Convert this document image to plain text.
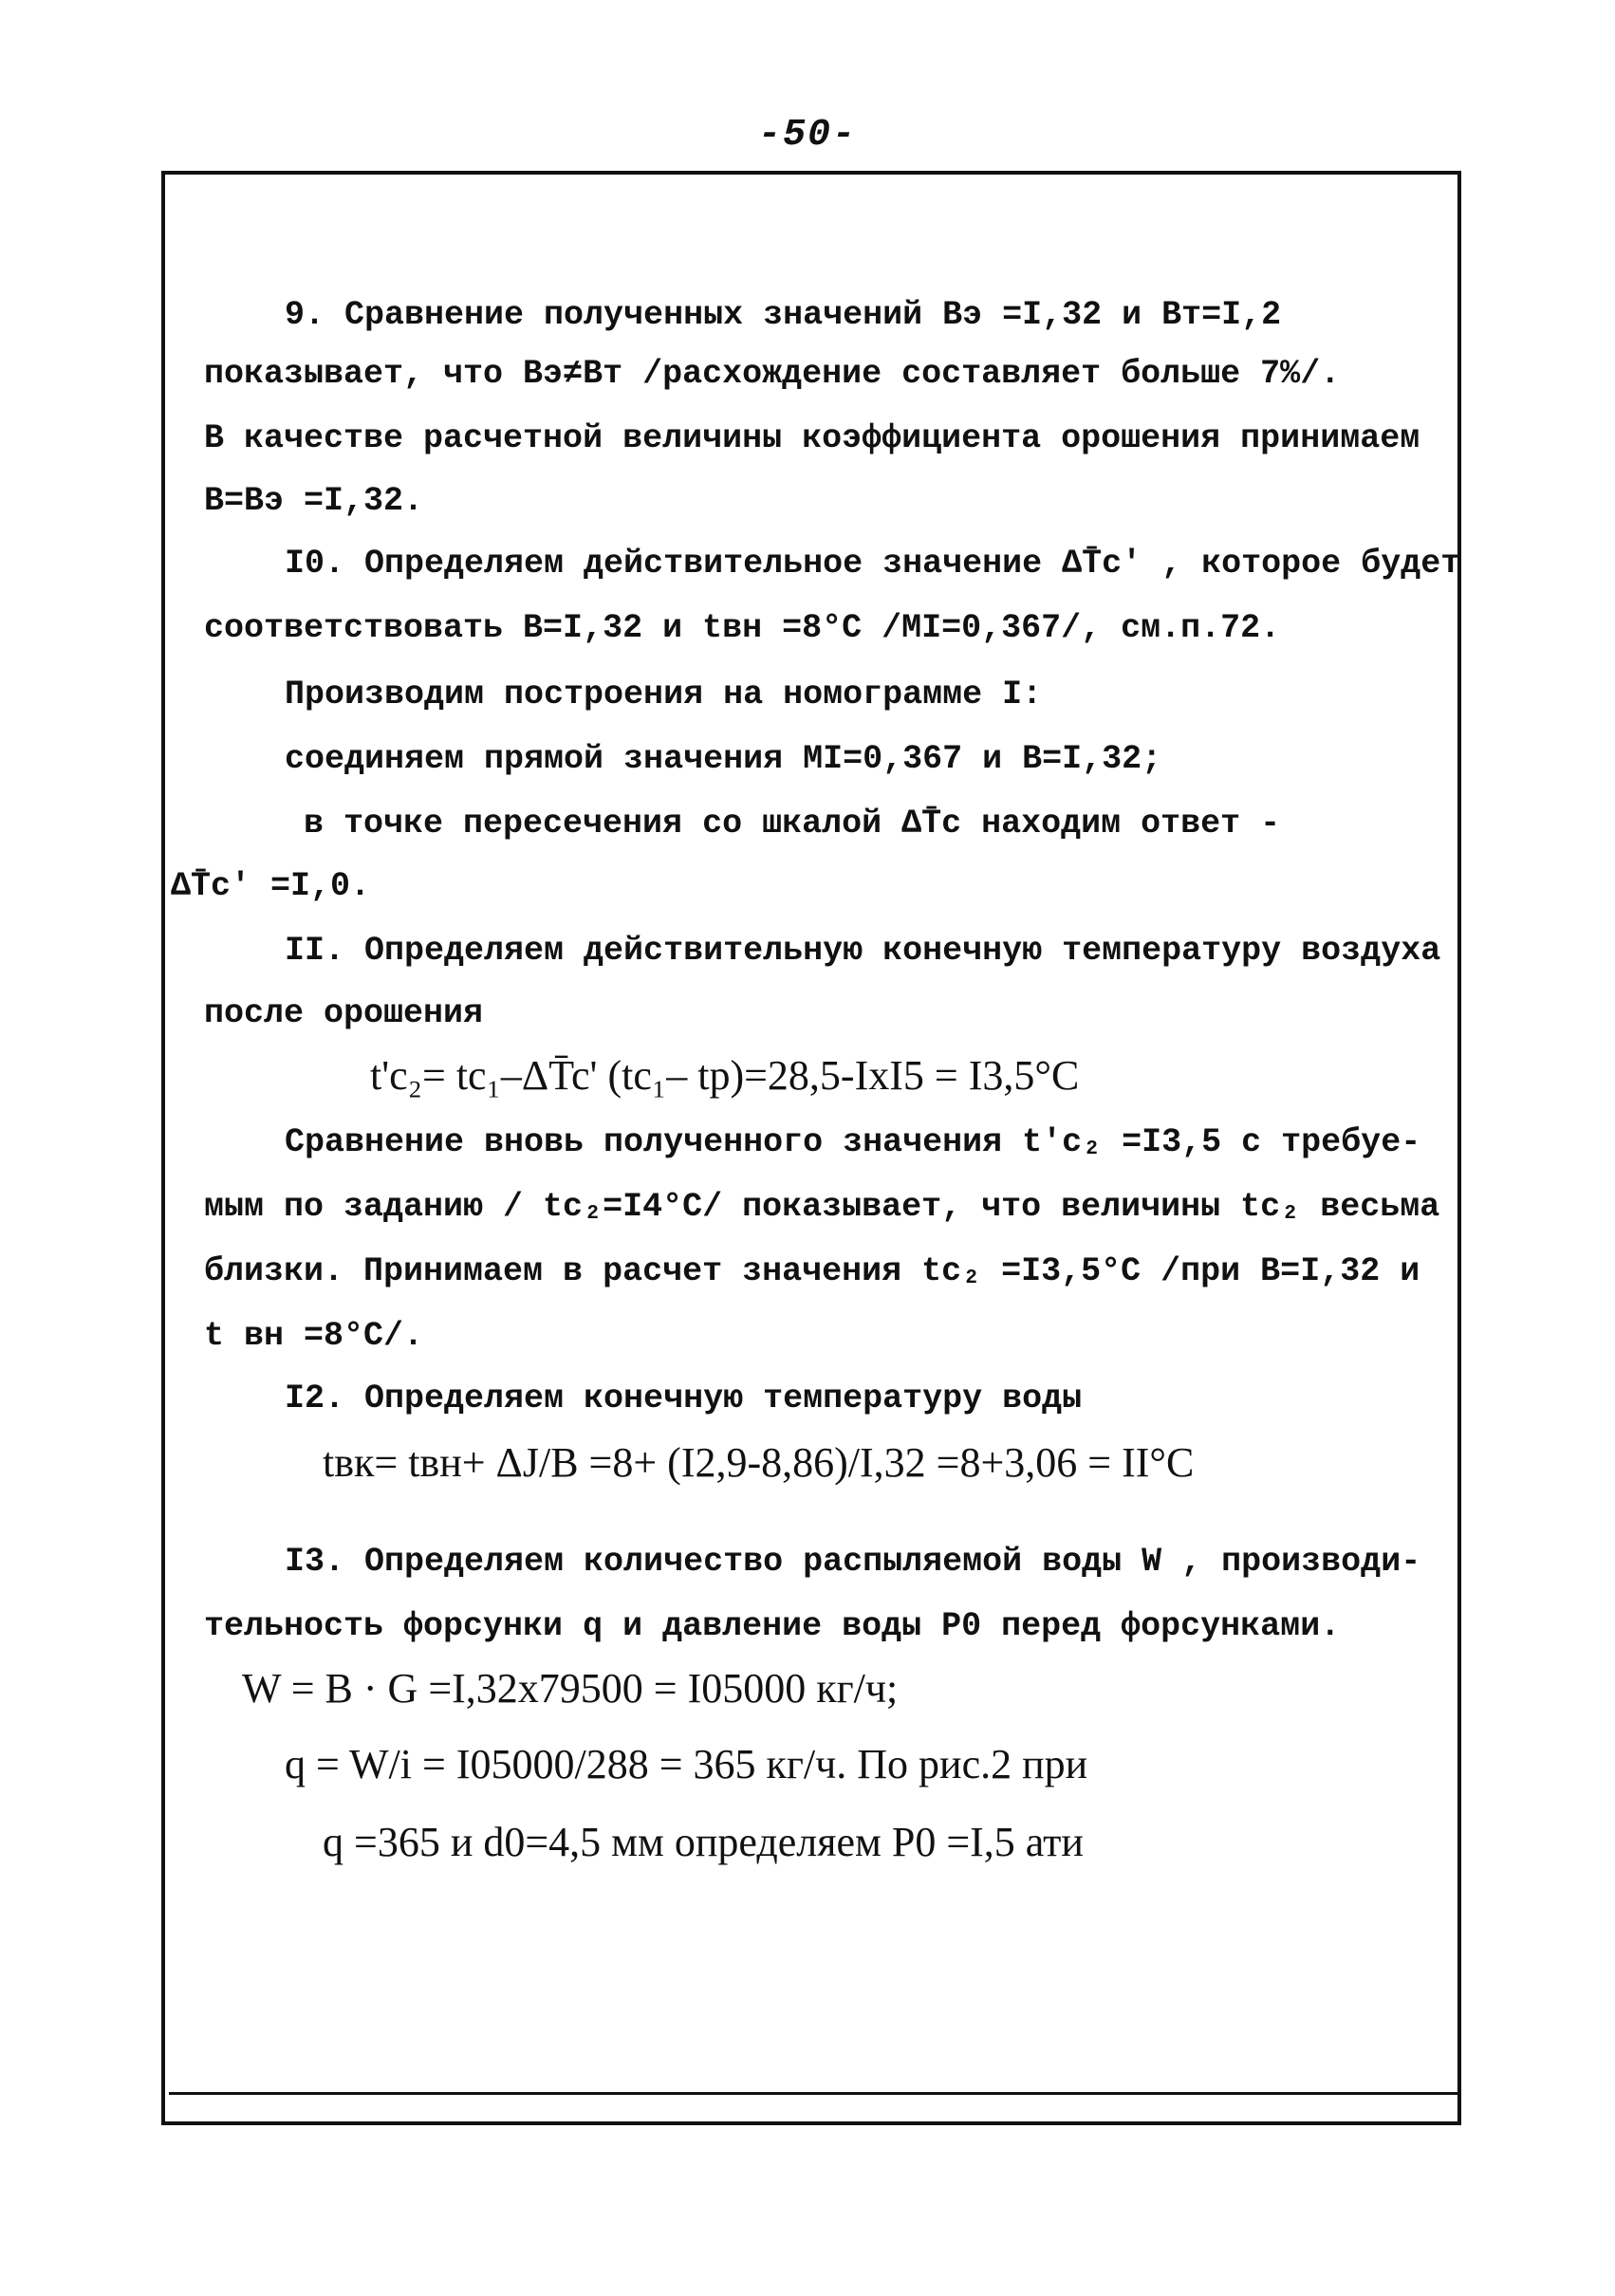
-50-
9. Сравнение полученных значений Bэ =I,32 и Bт=I,2
показывает, что Bэ≠Bт /расхождение составляет больше 7%/.
В качестве расчетной величины коэффициента орошения принимаем
B=Bэ =I,32.
I0. Определяем действительное значение ΔT̄c' , которое будет
соответствовать B=I,32 и tвн =8°C /MI=0,367/, см.п.72.
Производим построения на номограмме I:
соединяем прямой значения MI=0,367 и B=I,32;
в точке пересечения со шкалой ΔT̄c находим ответ -
ΔT̄c' =I,0.
II. Определяем действительную конечную температуру воздуха
после орошения
t'c₂= tc₁–ΔT̄c' (tc₁– tр)=28,5-IxI5 = I3,5°C
Сравнение вновь полученного значения t'c₂ =I3,5 с требуе-
мым по заданию / tc₂=I4°C/ показывает, что величины tc₂ весьма
близки. Принимаем в расчет значения tc₂ =I3,5°C /при B=I,32 и
t вн =8°C/.
I2. Определяем конечную температуру воды
tвк= tвн+ ΔJ/B =8+ (I2,9-8,86)/I,32 =8+3,06 = II°C
I3. Определяем количество распыляемой воды W , производи-
тельность форсунки q и давление воды P0 перед форсунками.
W = B · G =I,32x79500 = I05000 кг/ч;
q = W/i = I05000/288 = 365 кг/ч. По рис.2 при
q =365 и d0=4,5 мм определяем P0 =I,5 ати
